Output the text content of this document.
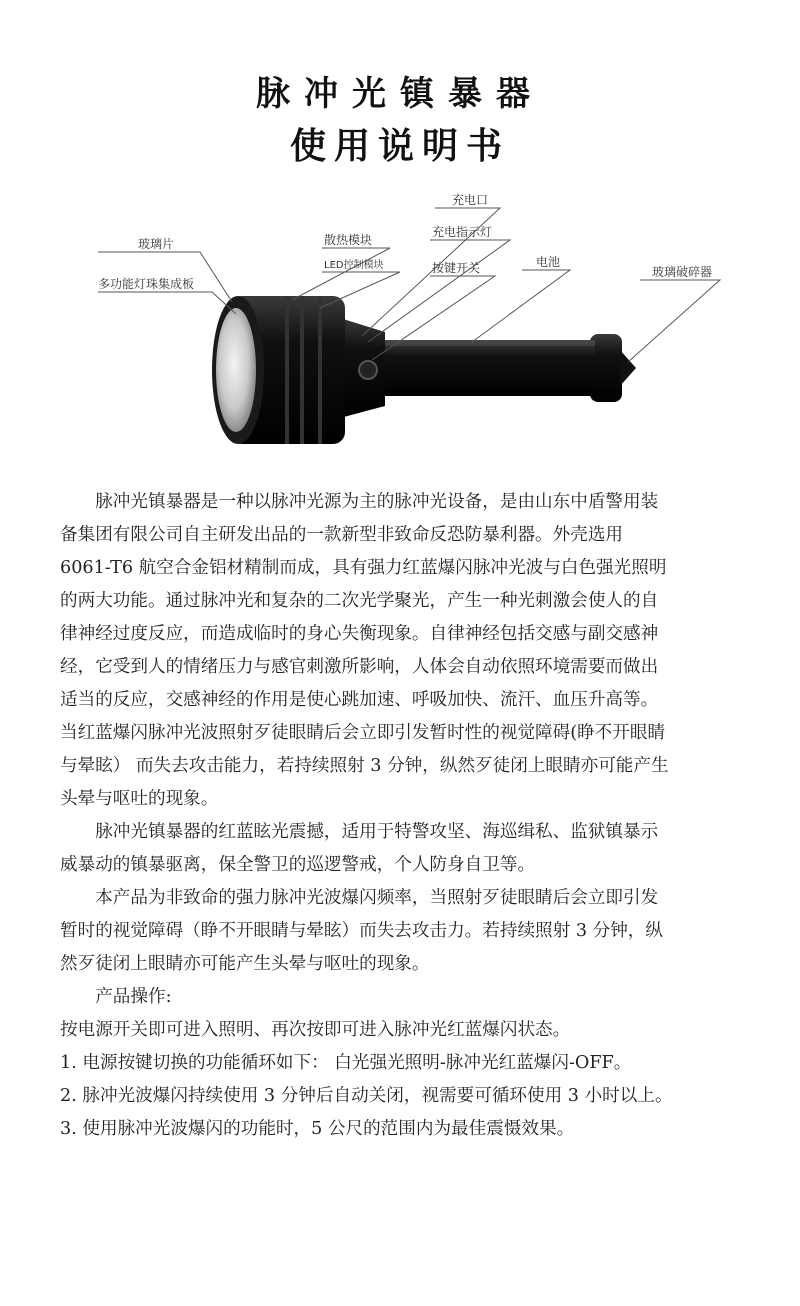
脉冲光镇暴器
使用说明书
玻璃片
多功能灯珠集成板
散热模块
LED控制模块
充电口
充电指示灯
按键开关	电池
玻璃破碎器

脉冲光镇暴器是一种以脉冲光源为主的脉冲光设备，是由山东中盾警用装

备集团有限公司自主研发出品的一款新型非致命反恐防暴利器。外壳选用

6061-T6 航空合金铝材精制而成，具有强力红蓝爆闪脉冲光波与白色强光照明

的两大功能。通过脉冲光和复杂的二次光学聚光，产生一种光刺激会使人的自

律神经过度反应，而造成临时的身心失衡现象。自律神经包括交感与副交感神

经，它受到人的情绪压力与感官刺激所影响，人体会自动依照环境需要而做出

适当的反应，交感神经的作用是使心跳加速、呼吸加快、流汗、血压升高等。

当红蓝爆闪脉冲光波照射歹徒眼睛后会立即引发暂时性的视觉障碍(睁不开眼睛

与晕眩） 而失去攻击能力，若持续照射 3 分钟，纵然歹徒闭上眼睛亦可能产生

头晕与呕吐的现象。

脉冲光镇暴器的红蓝眩光震撼，适用于特警攻坚、海巡缉私、监狱镇暴示

威暴动的镇暴驱离，保全警卫的巡逻警戒，个人防身自卫等。

本产品为非致命的强力脉冲光波爆闪频率，当照射歹徒眼睛后会立即引发

暂时的视觉障碍（睁不开眼睛与晕眩）而失去攻击力。若持续照射 3 分钟，纵

然歹徒闭上眼睛亦可能产生头晕与呕吐的现象。

产品操作:

按电源开关即可进入照明、再次按即可进入脉冲光红蓝爆闪状态。

1. 电源按键切换的功能循环如下： 白光强光照明-脉冲光红蓝爆闪-OFF。

2. 脉冲光波爆闪持续使用 3 分钟后自动关闭，视需要可循环使用 3 小时以上。

3. 使用脉冲光波爆闪的功能时，5 公尺的范围内为最佳震慑效果。
